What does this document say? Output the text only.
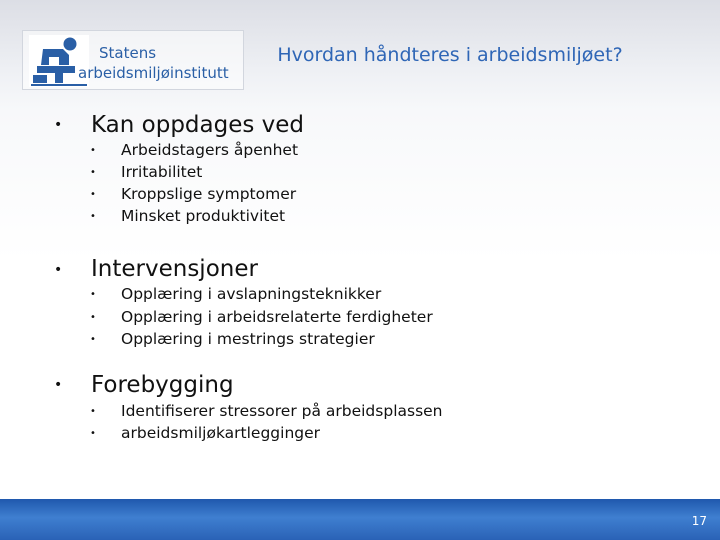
Statens
arbeidsmiljøinstitutt
Hvordan håndteres i arbeidsmiljøet?
• Kan oppdages ved
• Arbeidstagers åpenhet
• Irritabilitet
• Kroppslige symptomer
• Minsket produktivitet
• Intervensjoner
• Opplæring i avslapningsteknikker
• Opplæring i arbeidsrelaterte ferdigheter
• Opplæring i mestrings strategier
• Forebygging
• Identifiserer stressorer på arbeidsplassen
• arbeidsmiljøkartlegginger
17
